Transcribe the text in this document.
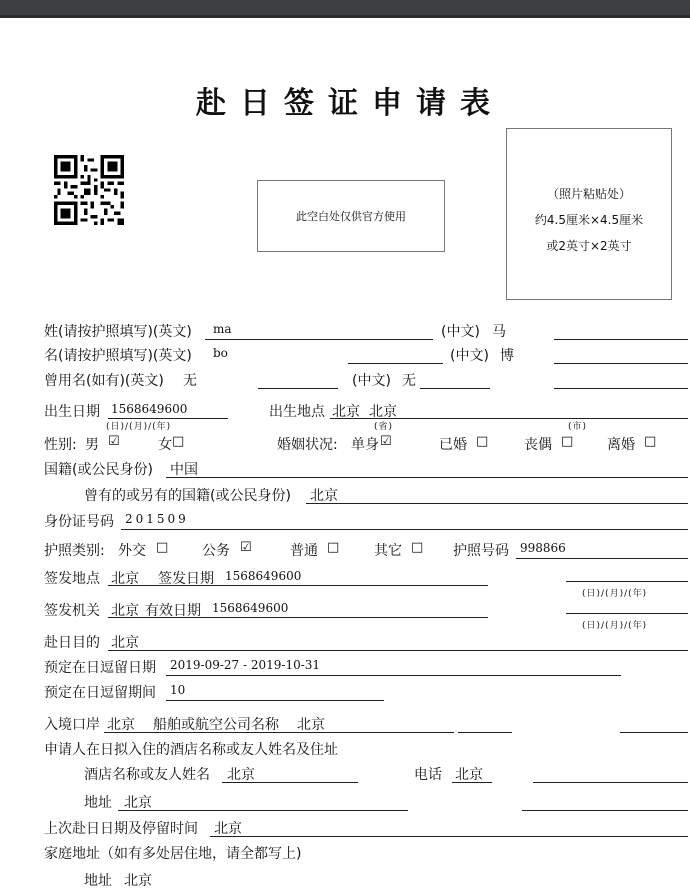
赴日签证申请表
此空白处仅供官方使用
（照片粘贴处）
约4.5厘米×4.5厘米
或2英寸×2英寸
姓(请按护照填写)(英文) ma	(中文) 马
名(请按护照填写)(英文) bo	(中文) 博
曾用名(如有)(英文) 无	(中文) 无
出生日期 1568649600
(日)/(月)/(年)
出生地点 北京 北京
(省)	(市)
性别: 男 ☑	女 □	婚姻状况: 单身 ☑	已婚 □	丧偶 □ 离婚 □
国籍(或公民身份) 中国
曾有的或另有的国籍(或公民身份) 北京
身份证号码 201509
护照类别: 外交 □ 公务 ☑	普通 □ 其它 □ 护照号码 998866
签发地点 北京 签发日期 1568649600
(日)/(月)/(年)
签发机关 北京 有效日期 1568649600
(日)/(月)/(年)
赴日目的 北京
预定在日逗留日期 2019-09-27 - 2019-10-31
预定在日逗留期间 10
入境口岸 北京 船舶或航空公司名称 北京
申请人在日拟入住的酒店名称或友人姓名及住址
酒店名称或友人姓名 北京	电话 北京
地址 北京
上次赴日日期及停留时间 北京
家庭地址（如有多处居住地，请全都写上)
地址 北京
